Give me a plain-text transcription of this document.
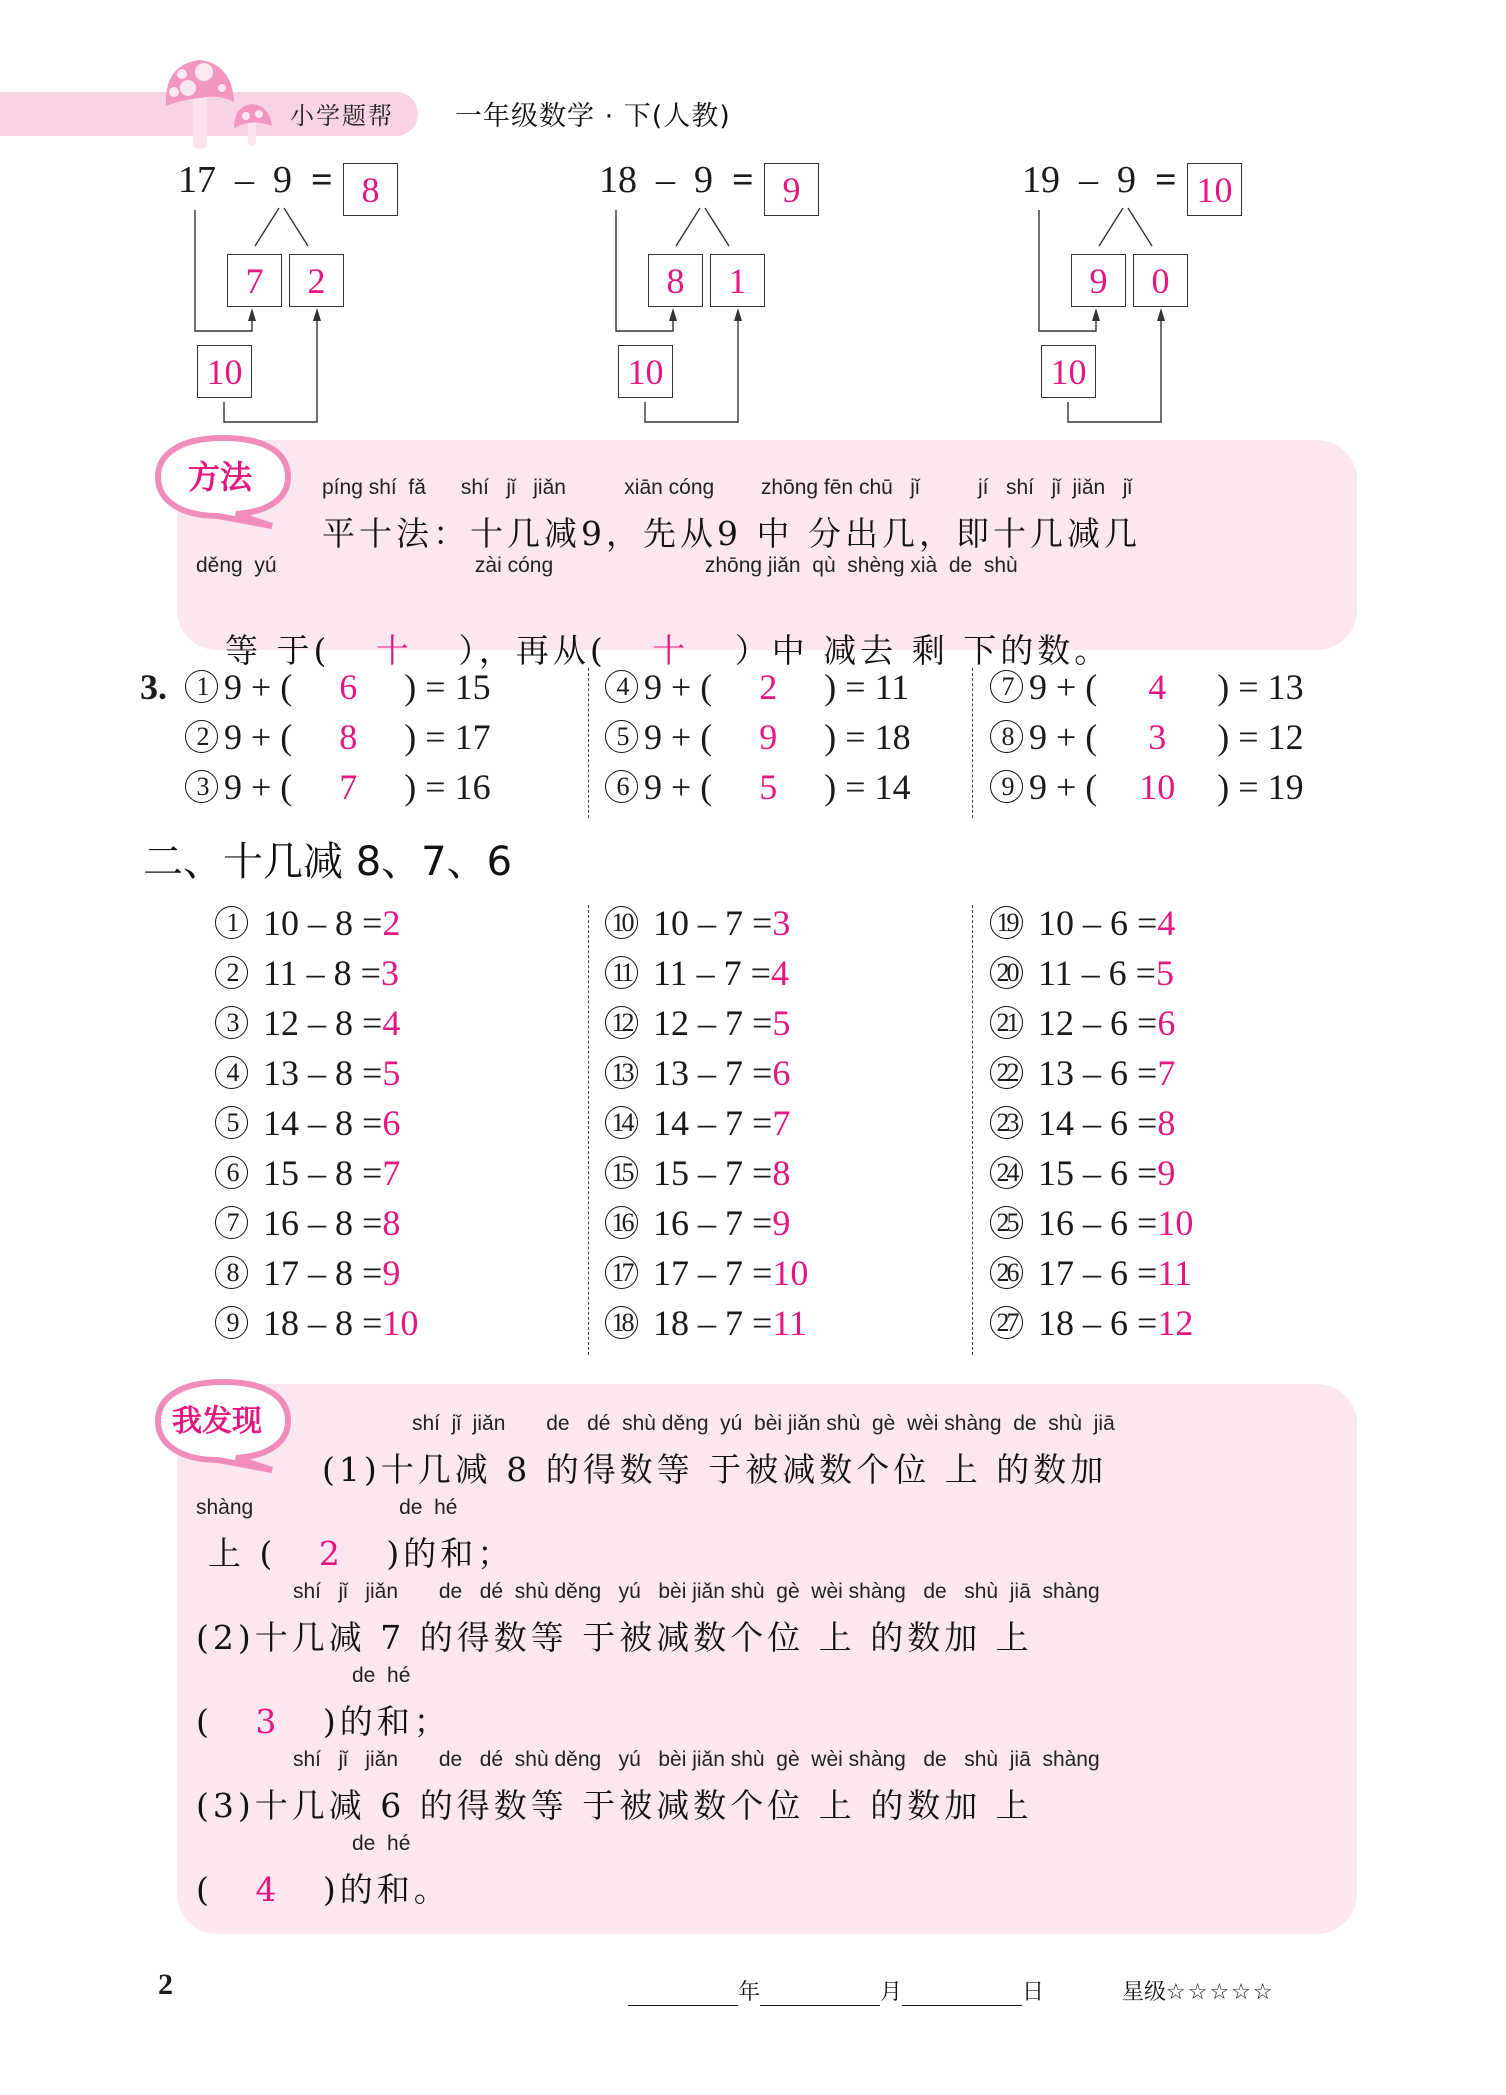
小学题帮 一年级数学 · 下(人教)
17 – 9 = 8
7	2
10
18 – 9 = 9
8	1
10
19 – 9 = 10
9	0
10
方法	píng shí  fǎ      shí   jǐ   jiǎn          xiān cóng        zhōng fēn chū   jǐ          jí   shí   jǐ  jiǎn   jǐ
平十法：十几减9，先从9 中 分出几，即十几减几
děng  yú                                  zài cóng                          zhōng jiǎn  qù  shèng xià  de  shù

等 于( 十 ），再从( 十 ）中 减去 剩 下的数。

3.	1 9 + ( 6 ) = 15
2 9 + ( 8 ) = 17
3 9 + ( 7 ) = 16
4 9 + ( 2 ) = 11
5 9 + ( 9 ) = 18
6 9 + ( 5 ) = 14
7 9 + ( 4 ) = 13
8 9 + ( 3 ) = 12
9 9 + ( 10 ) = 19
二、十几减 8、7、6
1 10 – 8 =2
2 11 – 8 =3
3 12 – 8 =4
4 13 – 8 =5
5 14 – 8 =6
6 15 – 8 =7
7 16 – 8 =8
8 17 – 8 =9
9 18 – 8 =10
10 10 – 7 =3
11 11 – 7 =4
12 12 – 7 =5
13 13 – 7 =6
14 14 – 7 =7
15 15 – 7 =8
16 16 – 7 =9
17 17 – 7 =10
18 18 – 7 =11
19 10 – 6 =4
20 11 – 6 =5
21 12 – 6 =6
22 13 – 6 =7
23 14 – 6 =8
24 15 – 6 =9
25 16 – 6 =10
26 17 – 6 =11
27 18 – 6 =12
我发现	shí  jǐ  jiǎn       de   dé  shù děng  yú  bèi jiǎn shù  gè  wèi shàng  de  shù  jiā
(1)十几减 8 的得数等 于被减数个位 上 的数加
shàng                         de  hé
上 ( 2 )的和；
shí   jǐ   jiǎn       de   dé  shù děng   yú   bèi jiǎn shù  gè  wèi shàng   de   shù  jiā  shàng
(2)十几减 7 的得数等 于被减数个位 上 的数加 上
de  hé
( 3 )的和；
shí   jǐ   jiǎn       de   dé  shù děng   yú   bèi jiǎn shù  gè  wèi shàng   de   shù  jiā  shàng
(3)十几减 6 的得数等 于被减数个位 上 的数加 上
de  hé
( 4 )的和。
2	年	月	日	星级☆☆☆☆☆
